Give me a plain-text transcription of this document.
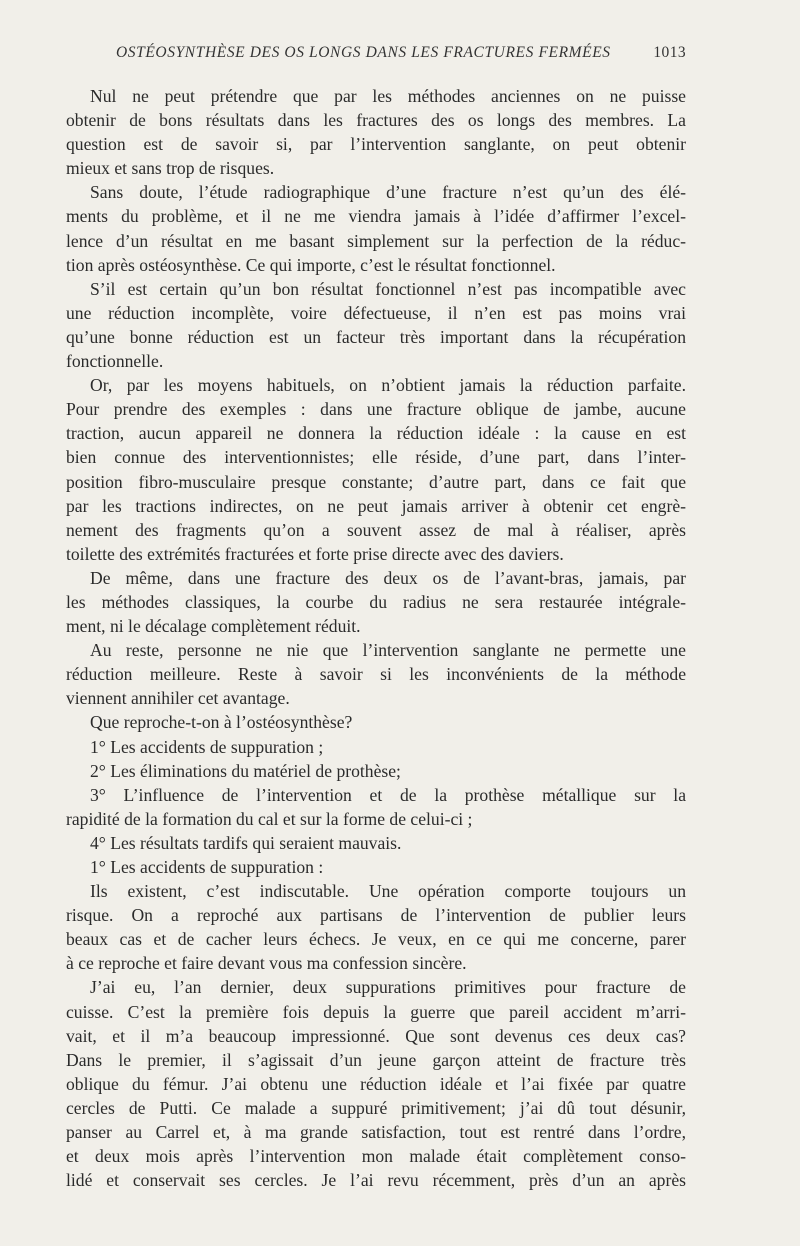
OSTÉOSYNTHÈSE DES OS LONGS DANS LES FRACTURES FERMÉES	1013
Nul ne peut prétendre que par les méthodes anciennes on ne puisse
obtenir de bons résultats dans les fractures des os longs des membres. La
question est de savoir si, par l’intervention sanglante, on peut obtenir
mieux et sans trop de risques.
Sans doute, l’étude radiographique d’une fracture n’est qu’un des élé-
ments du problème, et il ne me viendra jamais à l’idée d’affirmer l’excel-
lence d’un résultat en me basant simplement sur la perfection de la réduc-
tion après ostéosynthèse. Ce qui importe, c’est le résultat fonctionnel.
S’il est certain qu’un bon résultat fonctionnel n’est pas incompatible avec
une réduction incomplète, voire défectueuse, il n’en est pas moins vrai
qu’une bonne réduction est un facteur très important dans la récupération
fonctionnelle.
Or, par les moyens habituels, on n’obtient jamais la réduction parfaite.
Pour prendre des exemples : dans une fracture oblique de jambe, aucune
traction, aucun appareil ne donnera la réduction idéale : la cause en est
bien connue des interventionnistes; elle réside, d’une part, dans l’inter-
position fibro-musculaire presque constante; d’autre part, dans ce fait que
par les tractions indirectes, on ne peut jamais arriver à obtenir cet engrè-
nement des fragments qu’on a souvent assez de mal à réaliser, après
toilette des extrémités fracturées et forte prise directe avec des daviers.
De même, dans une fracture des deux os de l’avant-bras, jamais, par
les méthodes classiques, la courbe du radius ne sera restaurée intégrale-
ment, ni le décalage complètement réduit.
Au reste, personne ne nie que l’intervention sanglante ne permette une
réduction meilleure. Reste à savoir si les inconvénients de la méthode
viennent annihiler cet avantage.
Que reproche-t-on à l’ostéosynthèse?
1° Les accidents de suppuration ;
2° Les éliminations du matériel de prothèse;
3° L’influence de l’intervention et de la prothèse métallique sur la
rapidité de la formation du cal et sur la forme de celui-ci ;
4° Les résultats tardifs qui seraient mauvais.
1° Les accidents de suppuration :
Ils existent, c’est indiscutable. Une opération comporte toujours un
risque. On a reproché aux partisans de l’intervention de publier leurs
beaux cas et de cacher leurs échecs. Je veux, en ce qui me concerne, parer
à ce reproche et faire devant vous ma confession sincère.
J’ai eu, l’an dernier, deux suppurations primitives pour fracture de
cuisse. C’est la première fois depuis la guerre que pareil accident m’arri-
vait, et il m’a beaucoup impressionné. Que sont devenus ces deux cas?
Dans le premier, il s’agissait d’un jeune garçon atteint de fracture très
oblique du fémur. J’ai obtenu une réduction idéale et l’ai fixée par quatre
cercles de Putti. Ce malade a suppuré primitivement; j’ai dû tout désunir,
panser au Carrel et, à ma grande satisfaction, tout est rentré dans l’ordre,
et deux mois après l’intervention mon malade était complètement conso-
lidé et conservait ses cercles. Je l’ai revu récemment, près d’un an après
